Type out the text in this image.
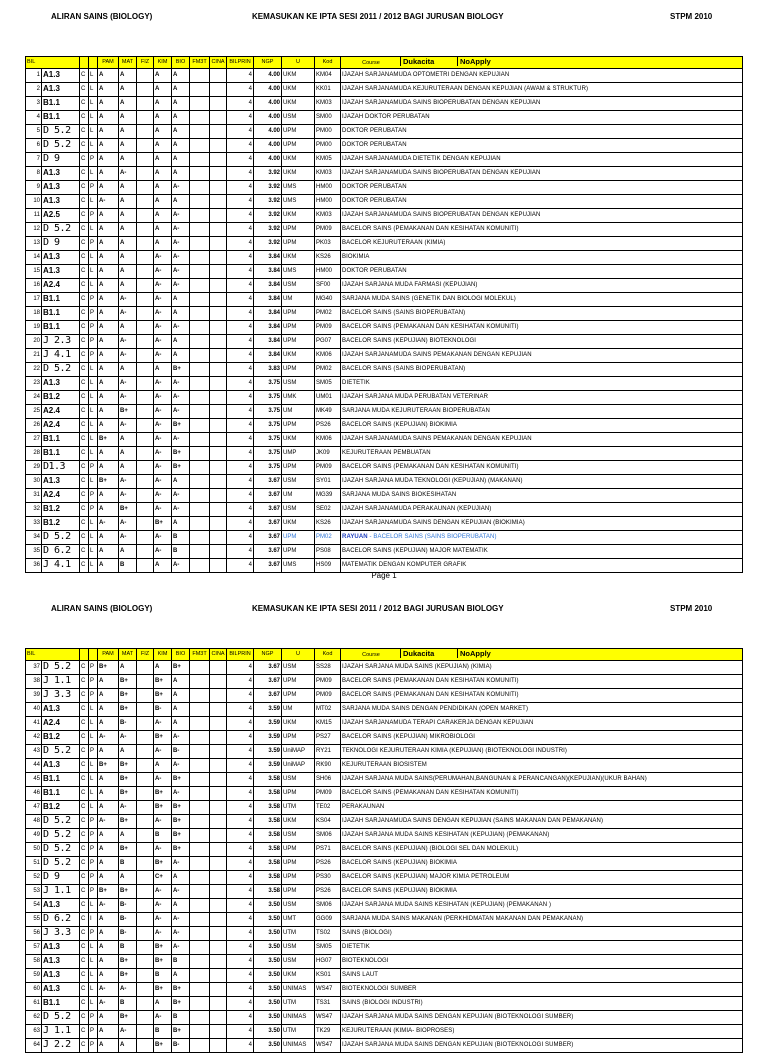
ALIRAN SAINS (BIOLOGY)	KEMASUKAN KE IPTA SESI 2011 / 2012 BAGI JURUSAN BIOLOGY	STPM 2010
BIL				PAM	MAT	FIZ	KIM	BIO	FM3T	CINA	BILPRIN	NGP	U	Kod	Course Dukacita NoApply
1	A1.3	C	L	A	A		A	A			4	4.00	UKM	KM04	IJAZAH SARJANAMUDA OPTOMETRI DENGAN KEPUJIAN
2	A1.3	C	L	A	A		A	A			4	4.00	UKM	KK01	IJAZAH SARJANAMUDA KEJURUTERAAN DENGAN KEPUJIAN (AWAM & STRUKTUR)
3	B1.1	C	L	A	A		A	A			4	4.00	UKM	KM03	IJAZAH SARJANAMUDA SAINS BIOPERUBATAN DENGAN KEPUJIAN
4	B1.1	C	L	A	A		A	A			4	4.00	USM	SM00	IJAZAH DOKTOR PERUBATAN
5	D 5.2	C	L	A	A		A	A			4	4.00	UPM	PM00	DOKTOR PERUBATAN
6	D 5.2	C	L	A	A		A	A			4	4.00	UPM	PM00	DOKTOR PERUBATAN
7	D 9	C	P	A	A		A	A			4	4.00	UKM	KM05	IJAZAH SARJANAMUDA DIETETIK DENGAN KEPUJIAN
8	A1.3	C	L	A	A-		A	A			4	3.92	UKM	KM03	IJAZAH SARJANAMUDA SAINS BIOPERUBATAN DENGAN KEPUJIAN
9	A1.3	C	P	A	A		A	A-			4	3.92	UMS	HM00	DOKTOR PERUBATAN
10	A1.3	C	L	A-	A		A	A			4	3.92	UMS	HM00	DOKTOR PERUBATAN
11	A2.5	C	P	A	A		A	A-			4	3.92	UKM	KM03	IJAZAH SARJANAMUDA SAINS BIOPERUBATAN DENGAN KEPUJIAN
12	D 5.2	C	L	A	A		A	A-			4	3.92	UPM	PM09	BACELOR SAINS (PEMAKANAN DAN KESIHATAN KOMUNITI)
13	D 9	C	P	A	A		A	A-			4	3.92	UPM	PK03	BACELOR KEJURUTERAAN (KIMIA)
14	A1.3	C	L	A	A		A-	A-			4	3.84	UKM	KS26	BIOKIMIA
15	A1.3	C	L	A	A		A-	A-			4	3.84	UMS	HM00	DOKTOR PERUBATAN
16	A2.4	C	L	A	A		A-	A-			4	3.84	USM	SF00	IJAZAH SARJANA MUDA FARMASI (KEPUJIAN)
17	B1.1	C	P	A	A-		A-	A			4	3.84	UM	MG40	SARJANA MUDA SAINS (GENETIK DAN BIOLOGI MOLEKUL)
18	B1.1	C	P	A	A-		A-	A			4	3.84	UPM	PM02	BACELOR SAINS (SAINS BIOPERUBATAN)
19	B1.1	C	P	A	A		A-	A-			4	3.84	UPM	PM09	BACELOR SAINS (PEMAKANAN DAN KESIHATAN KOMUNITI)
20	J 2.3	C	P	A	A-		A-	A			4	3.84	UPM	PG07	BACELOR SAINS (KEPUJIAN) BIOTEKNOLOGI
21	J 4.1	C	P	A	A-		A-	A			4	3.84	UKM	KM06	IJAZAH SARJANAMUDA SAINS PEMAKANAN DENGAN KEPUJIAN
22	D 5.2	C	L	A	A		A	B+			4	3.83	UPM	PM02	BACELOR SAINS (SAINS BIOPERUBATAN)
23	A1.3	C	L	A	A-		A-	A-			4	3.75	USM	SM05	DIETETIK
24	B1.2	C	L	A	A-		A-	A-			4	3.75	UMK	UM01	IJAZAH SARJANA MUDA PERUBATAN VETERINAR
25	A2.4	C	L	A	B+		A-	A-			4	3.75	UM	MK49	SARJANA MUDA KEJURUTERAAN BIOPERUBATAN
26	A2.4	C	L	A	A-		A-	B+			4	3.75	UPM	PS26	BACELOR SAINS (KEPUJIAN) BIOKIMIA
27	B1.1	C	L	B+	A		A-	A-			4	3.75	UKM	KM06	IJAZAH SARJANAMUDA SAINS PEMAKANAN DENGAN KEPUJIAN
28	B1.1	C	L	A	A		A-	B+			4	3.75	UMP	JK09	KEJURUTERAAN PEMBUATAN
29	D1.3	C	P	A	A		A-	B+			4	3.75	UPM	PM09	BACELOR SAINS (PEMAKANAN DAN KESIHATAN KOMUNITI)
30	A1.3	C	L	B+	A-		A-	A			4	3.67	USM	SY01	IJAZAH SARJANA MUDA TEKNOLOGI (KEPUJIAN) (MAKANAN)
31	A2.4	C	P	A	A-		A-	A-			4	3.67	UM	MG39	SARJANA MUDA SAINS BIOKESIHATAN
32	B1.2	C	P	A	B+		A-	A-			4	3.67	USM	SE02	IJAZAH SARJANAMUDA PERAKAUNAN (KEPUJIAN)
33	B1.2	C	L	A-	A-		B+	A			4	3.67	UKM	KS26	IJAZAH SARJANAMUDA SAINS DENGAN KEPUJIAN (BIOKIMIA)
34	D 5.2	C	L	A	A-		A-	B			4	3.67	UPM	PM02	RAYUAN - BACELOR SAINS (SAINS BIOPERUBATAN)
35	D 6.2	C	L	A	A		A-	B			4	3.67	UPM	PS08	BACELOR SAINS (KEPUJIAN) MAJOR MATEMATIK
36	J 4.1	C	L	A	B		A	A-			4	3.67	UMS	HS09	MATEMATIK DENGAN KOMPUTER GRAFIK
Page 1
ALIRAN SAINS (BIOLOGY)	KEMASUKAN KE IPTA SESI 2011 / 2012 BAGI JURUSAN BIOLOGY	STPM 2010
BIL				PAM	MAT	FIZ	KIM	BIO	FM3T	CINA	BILPRIN	NGP	U	Kod	Course Dukacita NoApply
37	D 5.2	C	P	B+	A		A	B+			4	3.67	USM	SS28	IJAZAH SARJANA MUDA SAINS (KEPUJIAN) (KIMIA)
38	J 1.1	C	P	A	B+		B+	A			4	3.67	UPM	PM09	BACELOR SAINS (PEMAKANAN DAN KESIHATAN KOMUNITI)
39	J 3.3	C	P	A	B+		B+	A			4	3.67	UPM	PM09	BACELOR SAINS (PEMAKANAN DAN KESIHATAN KOMUNITI)
40	A1.3	C	L	A	B+		B-	A			4	3.59	UM	MT02	SARJANA MUDA SAINS DENGAN PENDIDIKAN (OPEN MARKET)
41	A2.4	C	L	A	B-		A-	A			4	3.59	UKM	KM15	IJAZAH SARJANAMUDA TERAPI CARAKERJA DENGAN KEPUJIAN
42	B1.2	C	L	A-	A-		B+	A-			4	3.59	UPM	PS27	BACELOR SAINS (KEPUJIAN) MIKROBIOLOGI
43	D 5.2	C	P	A	A		A-	B-			4	3.59	UniMAP	RY21	TEKNOLOGI KEJURUTERAAN KIMIA (KEPUJIAN) (BIOTEKNOLOGI INDUSTRI)
44	A1.3	C	L	B+	B+		A	A-			4	3.59	UniMAP	RK90	KEJURUTERAAN BIOSISTEM
45	B1.1	C	L	A	B+		A-	B+			4	3.58	USM	SH06	IJAZAH SARJANA MUDA SAINS(PERUMAHAN,BANGUNAN & PERANCANGAN)(KEPUJIAN)(UKUR BAHAN)
46	B1.1	C	L	A	B+		B+	A-			4	3.58	UPM	PM09	BACELOR SAINS (PEMAKANAN DAN KESIHATAN KOMUNITI)
47	B1.2	C	L	A	A-		B+	B+			4	3.58	UTM	TE02	PERAKAUNAN
48	D 5.2	C	P	A-	B+		A-	B+			4	3.58	UKM	KS04	IJAZAH SARJANAMUDA SAINS DENGAN KEPUJIAN (SAINS MAKANAN DAN PEMAKANAN)
49	D 5.2	C	P	A	A		B	B+			4	3.58	USM	SM06	IJAZAH SARJANA MUDA SAINS KESIHATAN (KEPUJIAN) (PEMAKANAN)
50	D 5.2	C	P	A	B+		A-	B+			4	3.58	UPM	PS71	BACELOR SAINS (KEPUJIAN) (BIOLOGI SEL DAN MOLEKUL)
51	D 5.2	C	P	A	B		B+	A-			4	3.58	UPM	PS26	BACELOR SAINS (KEPUJIAN) BIOKIMIA
52	D 9	C	P	A	A		C+	A			4	3.58	UPM	PS30	BACELOR SAINS (KEPUJIAN) MAJOR KIMIA PETROLEUM
53	J 1.1	C	P	B+	B+		A-	A-			4	3.58	UPM	PS26	BACELOR SAINS (KEPUJIAN) BIOKIMIA
54	A1.3	C	L	A-	B-		A-	A			4	3.50	USM	SM06	IJAZAH SARJANA MUDA SAINS KESIHATAN (KEPUJIAN) (PEMAKANAN )
55	D 6.2	C	I	A	B-		A-	A-			4	3.50	UMT	GG09	SARJANA MUDA SAINS MAKANAN (PERKHIDMATAN MAKANAN DAN PEMAKANAN)
56	J 3.3	C	P	A	B-		A-	A-			4	3.50	UTM	TS02	SAINS (BIOLOGI)
57	A1.3	C	L	A	B		B+	A-			4	3.50	USM	SM05	DIETETIK
58	A1.3	C	L	A	B+		B+	B			4	3.50	USM	HG07	BIOTEKNOLOGI
59	A1.3	C	L	A	B+		B	A			4	3.50	UKM	KS01	SAINS LAUT
60	A1.3	C	L	A-	A-		B+	B+			4	3.50	UNIMAS	WS47	BIOTEKNOLOGI SUMBER
61	B1.1	C	L	A-	B		A	B+			4	3.50	UTM	TS31	SAINS (BIOLOGI INDUSTRI)
62	D 5.2	C	P	A	B+		A-	B			4	3.50	UNIMAS	WS47	IJAZAH SARJANA MUDA SAINS DENGAN KEPUJIAN (BIOTEKNOLOGI SUMBER)
63	J 1.1	C	P	A	A-		B	B+			4	3.50	UTM	TK29	KEJURUTERAAN (KIMIA- BIOPROSES)
64	J 2.2	C	P	A	A		B+	B-			4	3.50	UNIMAS	WS47	IJAZAH SARJANA MUDA SAINS DENGAN KEPUJIAN (BIOTEKNOLOGI SUMBER)
